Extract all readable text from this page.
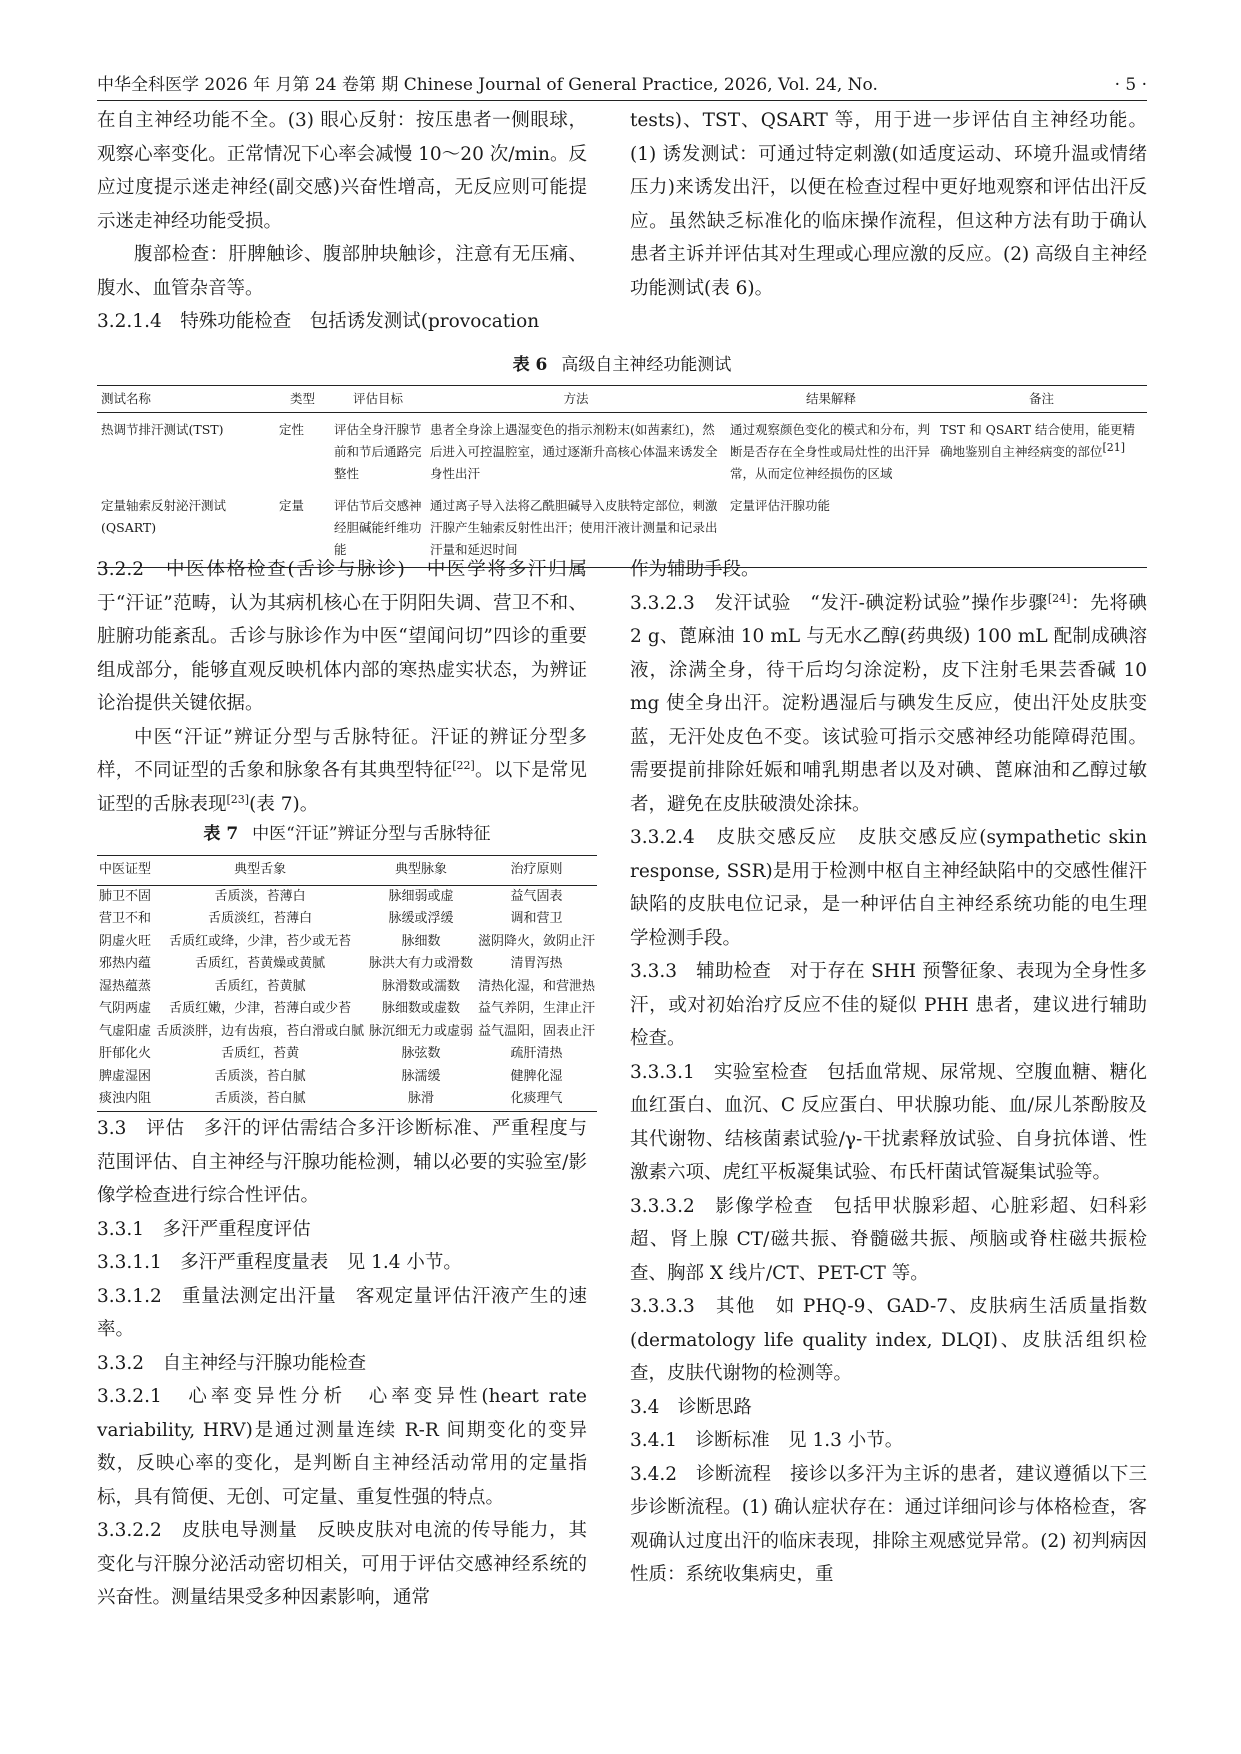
中华全科医学 2026 年 月第 24 卷第 期 Chinese Journal of General Practice, 2026, Vol. 24, No.	· 5 ·

在自主神经功能不全。(3) 眼心反射：按压患者一侧眼球，观察心率变化。正常情况下心率会减慢 10～20 次/min。反应过度提示迷走神经(副交感)兴奋性增高，无反应则可能提示迷走神经功能受损。

腹部检查：肝脾触诊、腹部肿块触诊，注意有无压痛、腹水、血管杂音等。

3.2.1.4　特殊功能检查　包括诱发测试(provocation

tests)、TST、QSART 等，用于进一步评估自主神经功能。(1) 诱发测试：可通过特定刺激(如适度运动、环境升温或情绪压力)来诱发出汗，以便在检查过程中更好地观察和评估出汗反应。虽然缺乏标准化的临床操作流程，但这种方法有助于确认患者主诉并评估其对生理或心理应激的反应。(2) 高级自主神经功能测试(表 6)。

表 6 高级自主神经功能测试
测试名称	类型	评估目标	方法	结果解释	备注
热调节排汗测试(TST)	定性	评估全身汗腺节前和节后通路完整性	患者全身涂上遇湿变色的指示剂粉末(如茜素红)，然后进入可控温腔室，通过逐渐升高核心体温来诱发全身性出汗	通过观察颜色变化的模式和分布，判断是否存在全身性或局灶性的出汗异常，从而定位神经损伤的区域	TST 和 QSART 结合使用，能更精确地鉴别自主神经病变的部位[21]
定量轴索反射泌汗测试(QSART)	定量	评估节后交感神经胆碱能纤维功能	通过离子导入法将乙酰胆碱导入皮肤特定部位，刺激汗腺产生轴索反射性出汗；使用汗液计测量和记录出汗量和延迟时间	定量评估汗腺功能	

3.2.2　中医体格检查(舌诊与脉诊)　中医学将多汗归属于“汗证”范畴，认为其病机核心在于阴阳失调、营卫不和、脏腑功能紊乱。舌诊与脉诊作为中医“望闻问切”四诊的重要组成部分，能够直观反映机体内部的寒热虚实状态，为辨证论治提供关键依据。

中医“汗证”辨证分型与舌脉特征。汗证的辨证分型多样，不同证型的舌象和脉象各有其典型特征[22]。以下是常见证型的舌脉表现[23](表 7)。

表 7 中医“汗证”辨证分型与舌脉特征
中医证型	典型舌象	典型脉象	治疗原则
肺卫不固	舌质淡，苔薄白	脉细弱或虚	益气固表
营卫不和	舌质淡红，苔薄白	脉缓或浮缓	调和营卫
阴虚火旺	舌质红或绛，少津，苔少或无苔	脉细数	滋阴降火，敛阴止汗
邪热内蕴	舌质红，苔黄燥或黄腻	脉洪大有力或滑数	清胃泻热
湿热蕴蒸	舌质红，苔黄腻	脉滑数或濡数	清热化湿，和营泄热
气阴两虚	舌质红嫩，少津，苔薄白或少苔	脉细数或虚数	益气养阴，生津止汗
气虚阳虚	舌质淡胖，边有齿痕，苔白滑或白腻	脉沉细无力或虚弱	益气温阳，固表止汗
肝郁化火	舌质红，苔黄	脉弦数	疏肝清热
脾虚湿困	舌质淡，苔白腻	脉濡缓	健脾化湿
痰浊内阻	舌质淡，苔白腻	脉滑	化痰理气

3.3　评估　多汗的评估需结合多汗诊断标准、严重程度与范围评估、自主神经与汗腺功能检测，辅以必要的实验室/影像学检查进行综合性评估。

3.3.1　多汗严重程度评估

3.3.1.1　多汗严重程度量表　见 1.4 小节。

3.3.1.2　重量法测定出汗量　客观定量评估汗液产生的速率。

3.3.2　自主神经与汗腺功能检查

3.3.2.1　心率变异性分析　心率变异性(heart rate variability, HRV)是通过测量连续 R-R 间期变化的变异数，反映心率的变化，是判断自主神经活动常用的定量指标，具有简便、无创、可定量、重复性强的特点。

3.3.2.2　皮肤电导测量　反映皮肤对电流的传导能力，其变化与汗腺分泌活动密切相关，可用于评估交感神经系统的兴奋性。测量结果受多种因素影响，通常

作为辅助手段。

3.3.2.3　发汗试验　“发汗-碘淀粉试验”操作步骤[24]：先将碘 2 g、蓖麻油 10 mL 与无水乙醇(药典级) 100 mL 配制成碘溶液，涂满全身，待干后均匀涂淀粉，皮下注射毛果芸香碱 10 mg 使全身出汗。淀粉遇湿后与碘发生反应，使出汗处皮肤变蓝，无汗处皮色不变。该试验可指示交感神经功能障碍范围。需要提前排除妊娠和哺乳期患者以及对碘、蓖麻油和乙醇过敏者，避免在皮肤破溃处涂抹。

3.3.2.4　皮肤交感反应　皮肤交感反应(sympathetic skin response, SSR)是用于检测中枢自主神经缺陷中的交感性催汗缺陷的皮肤电位记录，是一种评估自主神经系统功能的电生理学检测手段。

3.3.3　辅助检查　对于存在 SHH 预警征象、表现为全身性多汗，或对初始治疗反应不佳的疑似 PHH 患者，建议进行辅助检查。

3.3.3.1　实验室检查　包括血常规、尿常规、空腹血糖、糖化血红蛋白、血沉、C 反应蛋白、甲状腺功能、血/尿儿茶酚胺及其代谢物、结核菌素试验/γ-干扰素释放试验、自身抗体谱、性激素六项、虎红平板凝集试验、布氏杆菌试管凝集试验等。

3.3.3.2　影像学检查　包括甲状腺彩超、心脏彩超、妇科彩超、肾上腺 CT/磁共振、脊髓磁共振、颅脑或脊柱磁共振检查、胸部 X 线片/CT、PET-CT 等。

3.3.3.3　其他　如 PHQ-9、GAD-7、皮肤病生活质量指数(dermatology life quality index, DLQI)、皮肤活组织检查，皮肤代谢物的检测等。

3.4　诊断思路

3.4.1　诊断标准　见 1.3 小节。

3.4.2　诊断流程　接诊以多汗为主诉的患者，建议遵循以下三步诊断流程。(1) 确认症状存在：通过详细问诊与体格检查，客观确认过度出汗的临床表现，排除主观感觉异常。(2) 初判病因性质：系统收集病史，重
